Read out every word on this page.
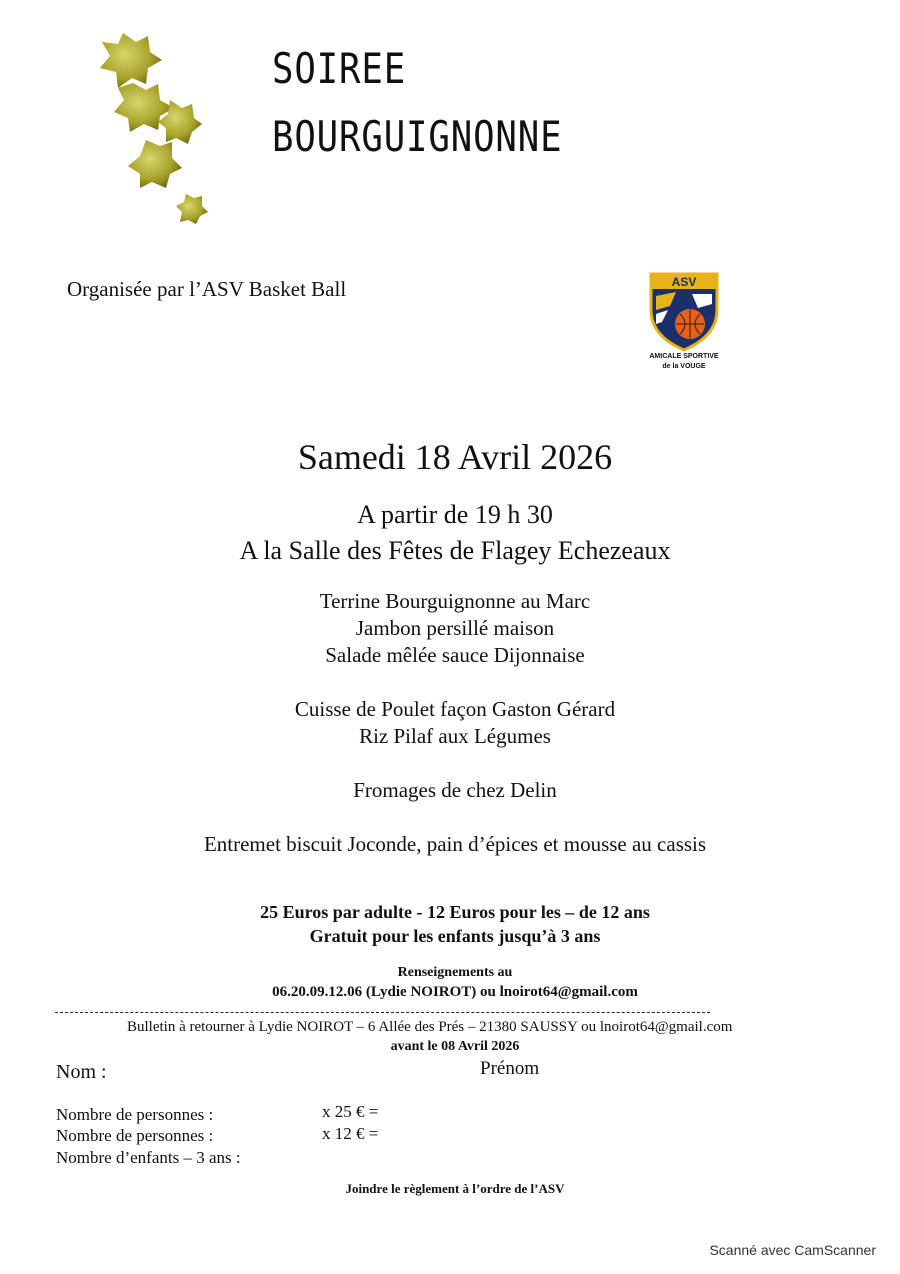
SOIREE
BOURGUIGNONNE
Organisée par l’ASV Basket Ball	ASV
AMICALE SPORTIVE
de la VOUGE
Samedi 18 Avril 2026
A partir de 19 h 30
A la Salle des Fêtes de Flagey Echezeaux
Terrine Bourguignonne au Marc
Jambon persillé maison
Salade mêlée sauce Dijonnaise
Cuisse de Poulet façon Gaston Gérard
Riz Pilaf aux Légumes
Fromages de chez Delin
Entremet biscuit Joconde, pain d’épices et mousse au cassis
25 Euros par adulte - 12 Euros pour les – de 12 ans
Gratuit pour les enfants jusqu’à 3 ans
Renseignements au
06.20.09.12.06 (Lydie NOIROT) ou lnoirot64@gmail.com
Bulletin à retourner à Lydie NOIROT – 6 Allée des Prés – 21380 SAUSSY ou lnoirot64@gmail.com
avant le 08 Avril 2026
Nom :	Prénom
Nombre de personnes :	x 25 € =
Nombre de personnes :	x 12 € =
Nombre d’enfants – 3 ans :
Joindre le règlement à l’ordre de l’ASV
Scanné avec CamScanner
